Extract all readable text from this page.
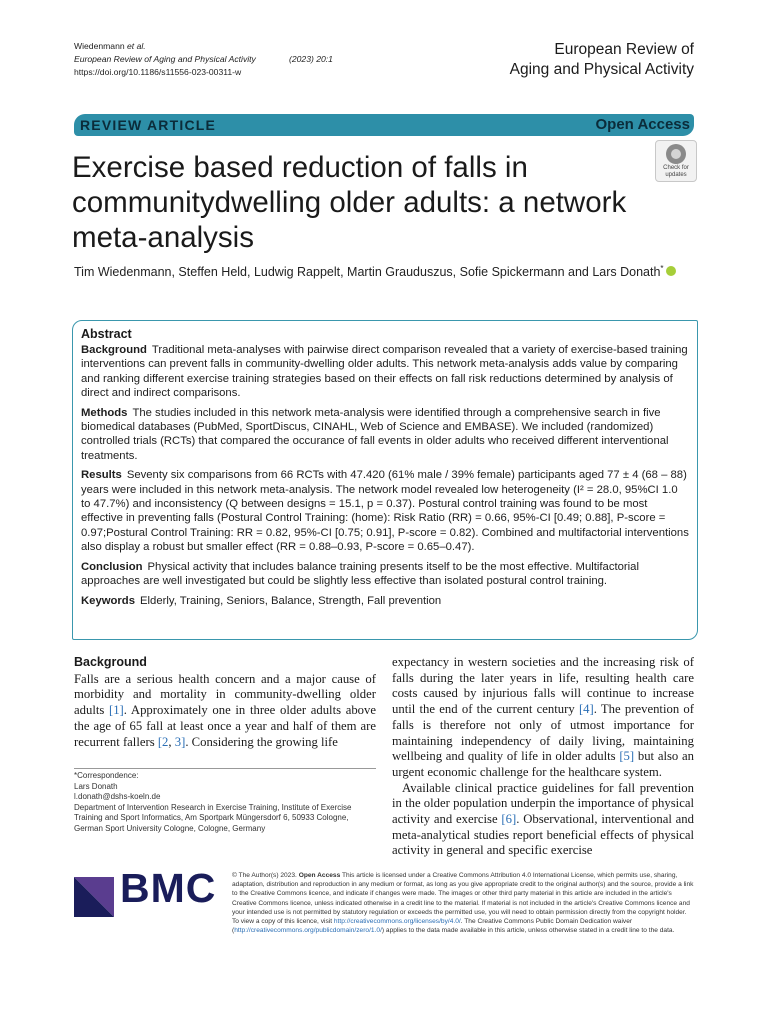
Wiedenmann et al.
European Review of Aging and Physical Activity
https://doi.org/10.1186/s11556-023-00311-w
(2023) 20:1
European Review of
Aging and Physical Activity
REVIEW ARTICLE	Open Access
Exercise based reduction of falls in communitydwelling older adults: a network meta-analysis
Check for
updates
Tim Wiedenmann, Steffen Held, Ludwig Rappelt, Martin Grauduszus, Sofie Spickermann and Lars Donath*
Abstract

Background Traditional meta-analyses with pairwise direct comparison revealed that a variety of exercise-based training interventions can prevent falls in community-dwelling older adults. This network meta-analysis adds value by comparing and ranking different exercise training strategies based on their effects on fall risk reductions determined by analysis of direct and indirect comparisons.

Methods The studies included in this network meta-analysis were identified through a comprehensive search in five biomedical databases (PubMed, SportDiscus, CINAHL, Web of Science and EMBASE). We included (randomized) controlled trials (RCTs) that compared the occurance of fall events in older adults who received different interventional treatments.

Results Seventy six comparisons from 66 RCTs with 47.420 (61% male / 39% female) participants aged 77 ± 4 (68 – 88) years were included in this network meta-analysis. The network model revealed low heterogeneity (I² = 28.0, 95%CI 1.0 to 47.7%) and inconsistency (Q between designs = 15.1, p = 0.37). Postural control training was found to be most effective in preventing falls (Postural Control Training: (home): Risk Ratio (RR) = 0.66, 95%-CI [0.49; 0.88], P-score = 0.97;Postural Control Training: RR = 0.82, 95%-CI [0.75; 0.91], P-score = 0.82). Combined and multifactorial interventions also display a robust but smaller effect (RR = 0.88–0.93, P-score = 0.65–0.47).

Conclusion Physical activity that includes balance training presents itself to be the most effective. Multifactorial approaches are well investigated but could be slightly less effective than isolated postural control training.

Keywords Elderly, Training, Seniors, Balance, Strength, Fall prevention

Background
Falls are a serious health concern and a major cause of morbidity and mortality in community-dwelling older adults [1]. Approximately one in three older adults above the age of 65 fall at least once a year and half of them are recurrent fallers [2, 3]. Considering the growing life
*Correspondence:
Lars Donath
l.donath@dshs-koeln.de
Department of Intervention Research in Exercise Training, Institute of Exercise Training and Sport Informatics, Am Sportpark Müngersdorf 6, 50933 Cologne, German Sport University Cologne, Cologne, Germany
expectancy in western societies and the increasing risk of falls during the later years in life, resulting health care costs caused by injurious falls will continue to increase until the end of the current century [4]. The prevention of falls is therefore not only of utmost importance for maintaining independency of daily living, maintaining wellbeing and quality of life in older adults [5] but also an urgent economic challenge for the healthcare system.
Available clinical practice guidelines for fall prevention in the older population underpin the importance of physical activity and exercise [6]. Observational, interventional and meta-analytical studies report beneficial effects of physical activity in general and specific exercise
BMC © The Author(s) 2023. Open Access This article is licensed under a Creative Commons Attribution 4.0 International License, which permits use, sharing, adaptation, distribution and reproduction in any medium or format, as long as you give appropriate credit to the original author(s) and the source, provide a link to the Creative Commons licence, and indicate if changes were made. The images or other third party material in this article are included in the article's Creative Commons licence, unless indicated otherwise in a credit line to the material. If material is not included in the article's Creative Commons licence and your intended use is not permitted by statutory regulation or exceeds the permitted use, you will need to obtain permission directly from the copyright holder. To view a copy of this licence, visit http://creativecommons.org/licenses/by/4.0/. The Creative Commons Public Domain Dedication waiver (http://creativecommons.org/publicdomain/zero/1.0/) applies to the data made available in this article, unless otherwise stated in a credit line to the data.
